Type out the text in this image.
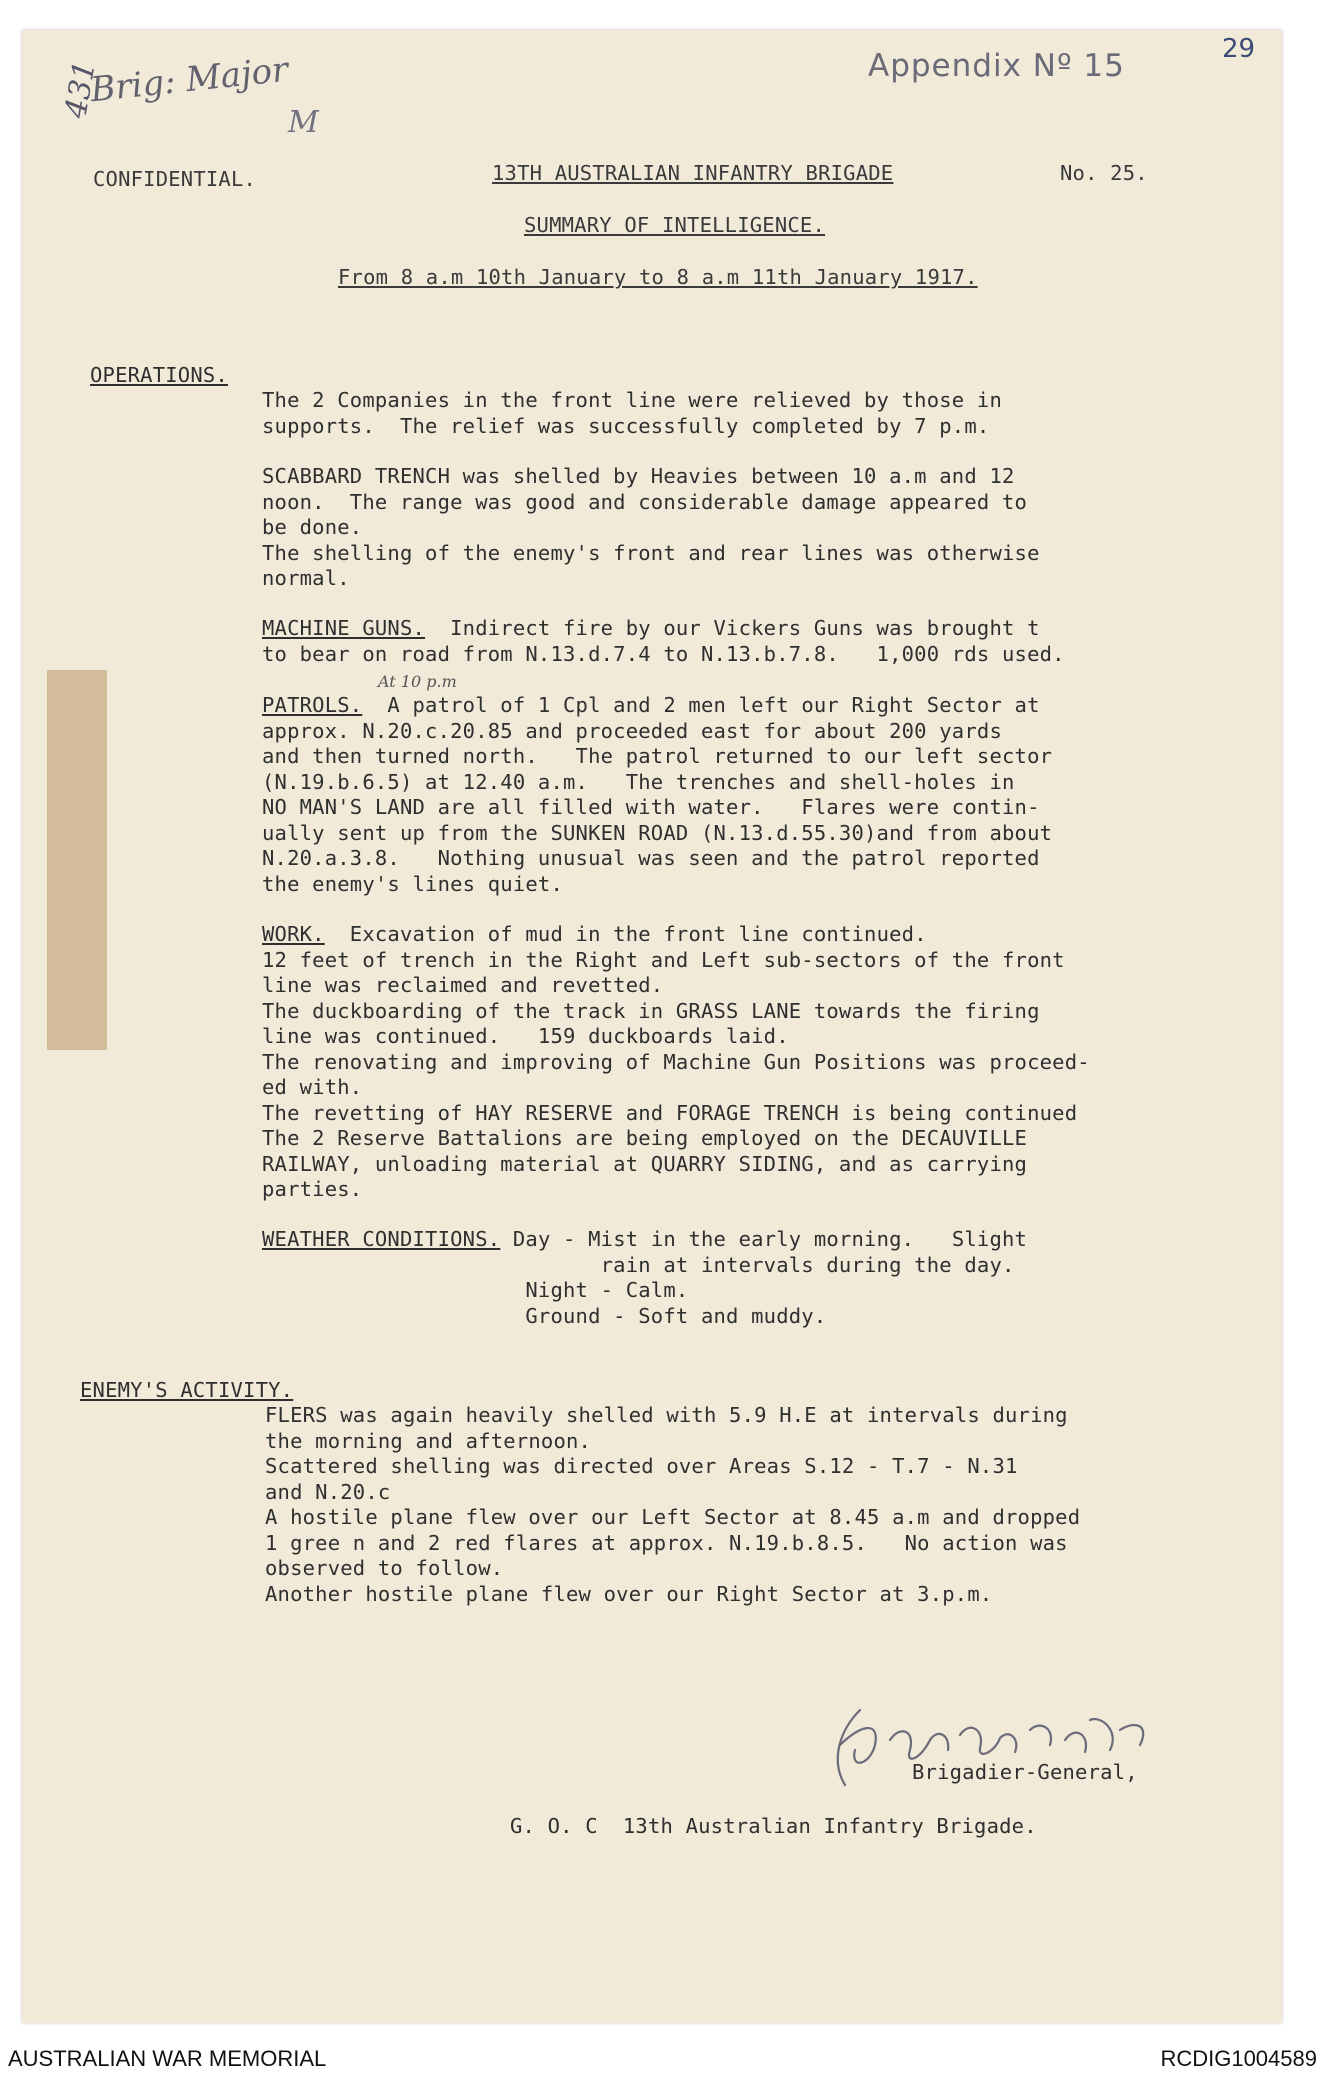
Appendix Nº 15	29
431
Brig: Major
M
At 10 p.m
CONFIDENTIAL.	13TH AUSTRALIAN INFANTRY BRIGADE	No. 25.
SUMMARY OF INTELLIGENCE.
From 8 a.m 10th January to 8 a.m 11th January 1917.
OPERATIONS.
The 2 Companies in the front line were relieved by those in
supports.  The relief was successfully completed by 7 p.m.
SCABBARD TRENCH was shelled by Heavies between 10 a.m and 12
noon.  The range was good and considerable damage appeared to
be done.
The shelling of the enemy's front and rear lines was otherwise
normal.
MACHINE GUNS.  Indirect fire by our Vickers Guns was brought t
to bear on road from N.13.d.7.4 to N.13.b.7.8.   1,000 rds used.
PATROLS.  A patrol of 1 Cpl and 2 men left our Right Sector at
approx. N.20.c.20.85 and proceeded east for about 200 yards
and then turned north.   The patrol returned to our left sector
(N.19.b.6.5) at 12.40 a.m.   The trenches and shell-holes in
NO MAN'S LAND are all filled with water.   Flares were contin-
ually sent up from the SUNKEN ROAD (N.13.d.55.30)and from about
N.20.a.3.8.   Nothing unusual was seen and the patrol reported
the enemy's lines quiet.
WORK.  Excavation of mud in the front line continued.
12 feet of trench in the Right and Left sub-sectors of the front
line was reclaimed and revetted.
The duckboarding of the track in GRASS LANE towards the firing
line was continued.   159 duckboards laid.
The renovating and improving of Machine Gun Positions was proceed-
ed with.
The revetting of HAY RESERVE and FORAGE TRENCH is being continued
The 2 Reserve Battalions are being employed on the DECAUVILLE
RAILWAY, unloading material at QUARRY SIDING, and as carrying
parties.
WEATHER CONDITIONS. Day - Mist in the early morning.   Slight
rain at intervals during the day.
Night - Calm.
Ground - Soft and muddy.
ENEMY'S ACTIVITY.
FLERS was again heavily shelled with 5.9 H.E at intervals during
the morning and afternoon.
Scattered shelling was directed over Areas S.12 - T.7 - N.31
and N.20.c
A hostile plane flew over our Left Sector at 8.45 a.m and dropped
1 gree n and 2 red flares at approx. N.19.b.8.5.   No action was
observed to follow.
Another hostile plane flew over our Right Sector at 3.p.m.
Brigadier-General,
G. O. C  13th Australian Infantry Brigade.
AUSTRALIAN WAR MEMORIAL	RCDIG1004589
